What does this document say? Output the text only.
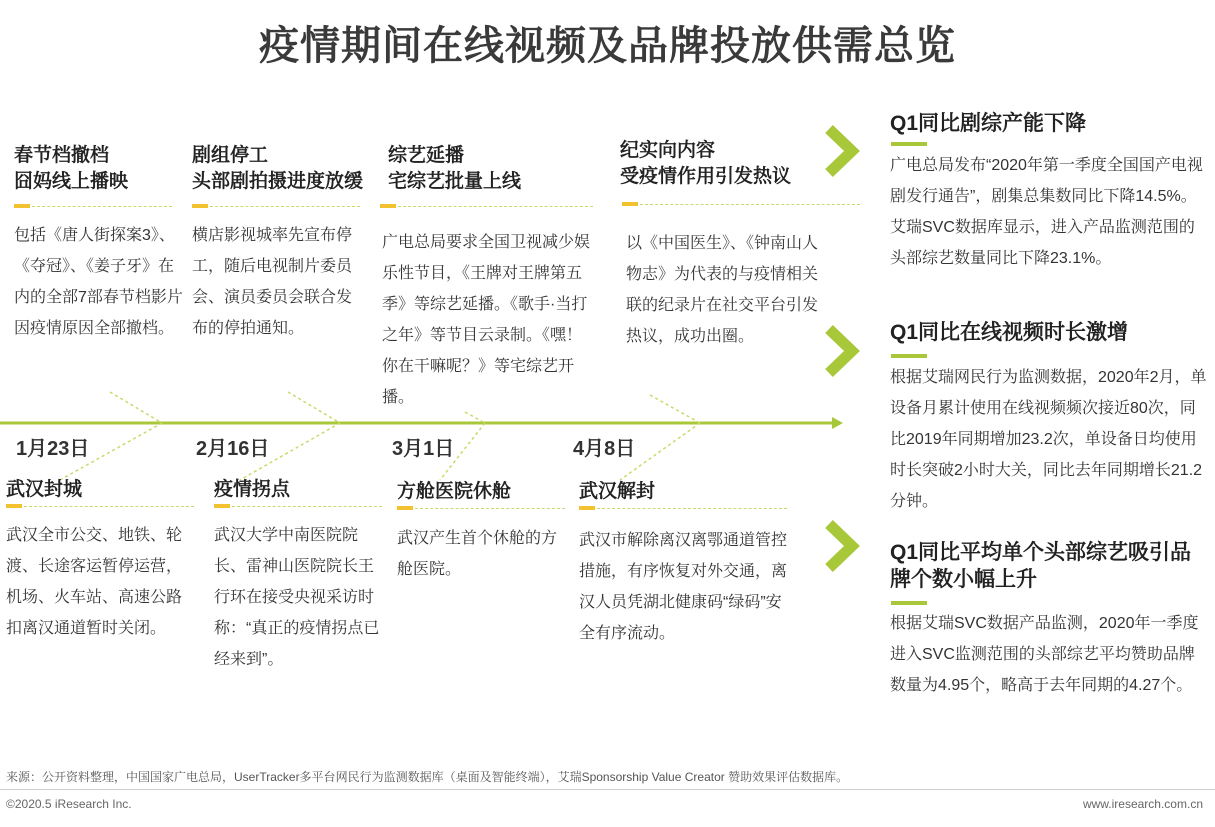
疫情期间在线视频及品牌投放供需总览
春节档撤档
囧妈线上播映
包括《唐人街探案3》、《夺冠》、《姜子牙》在内的全部7部春节档影片因疫情原因全部撤档。
剧组停工
头部剧拍摄进度放缓
横店影视城率先宣布停工，随后电视制片委员会、演员委员会联合发布的停拍通知。
综艺延播
宅综艺批量上线
广电总局要求全国卫视减少娱乐性节目，《王牌对王牌第五季》等综艺延播。《歌手·当打之年》等节目云录制。《嘿！你在干嘛呢？》等宅综艺开播。
纪实向内容
受疫情作用引发热议
以《中国医生》、《钟南山人物志》为代表的与疫情相关联的纪录片在社交平台引发热议，成功出圈。
1月23日	2月16日	3月1日	4月8日
武汉封城
武汉全市公交、地铁、轮渡、长途客运暂停运营，机场、火车站、高速公路扣离汉通道暂时关闭。
疫情拐点
武汉大学中南医院院长、雷神山医院院长王行环在接受央视采访时称：“真正的疫情拐点已经来到”。
方舱医院休舱
武汉产生首个休舱的方舱医院。
武汉解封
武汉市解除离汉离鄂通道管控措施，有序恢复对外交通，离汉人员凭湖北健康码“绿码”安全有序流动。
Q1同比剧综产能下降
广电总局发布“2020年第一季度全国国产电视剧发行通告”，剧集总集数同比下降14.5%。艾瑞SVC数据库显示，进入产品监测范围的头部综艺数量同比下降23.1%。
Q1同比在线视频时长激增
根据艾瑞网民行为监测数据，2020年2月，单设备月累计使用在线视频频次接近80次，同比2019年同期增加23.2次，单设备日均使用时长突破2小时大关，同比去年同期增长21.2分钟。
Q1同比平均单个头部综艺吸引品牌个数小幅上升
根据艾瑞SVC数据产品监测，2020年一季度进入SVC监测范围的头部综艺平均赞助品牌数量为4.95个，略高于去年同期的4.27个。
来源：公开资料整理，中国国家广电总局，UserTracker多平台网民行为监测数据库（桌面及智能终端），艾瑞Sponsorship Value Creator 赞助效果评估数据库。
©2020.5 iResearch Inc.	www.iresearch.com.cn
